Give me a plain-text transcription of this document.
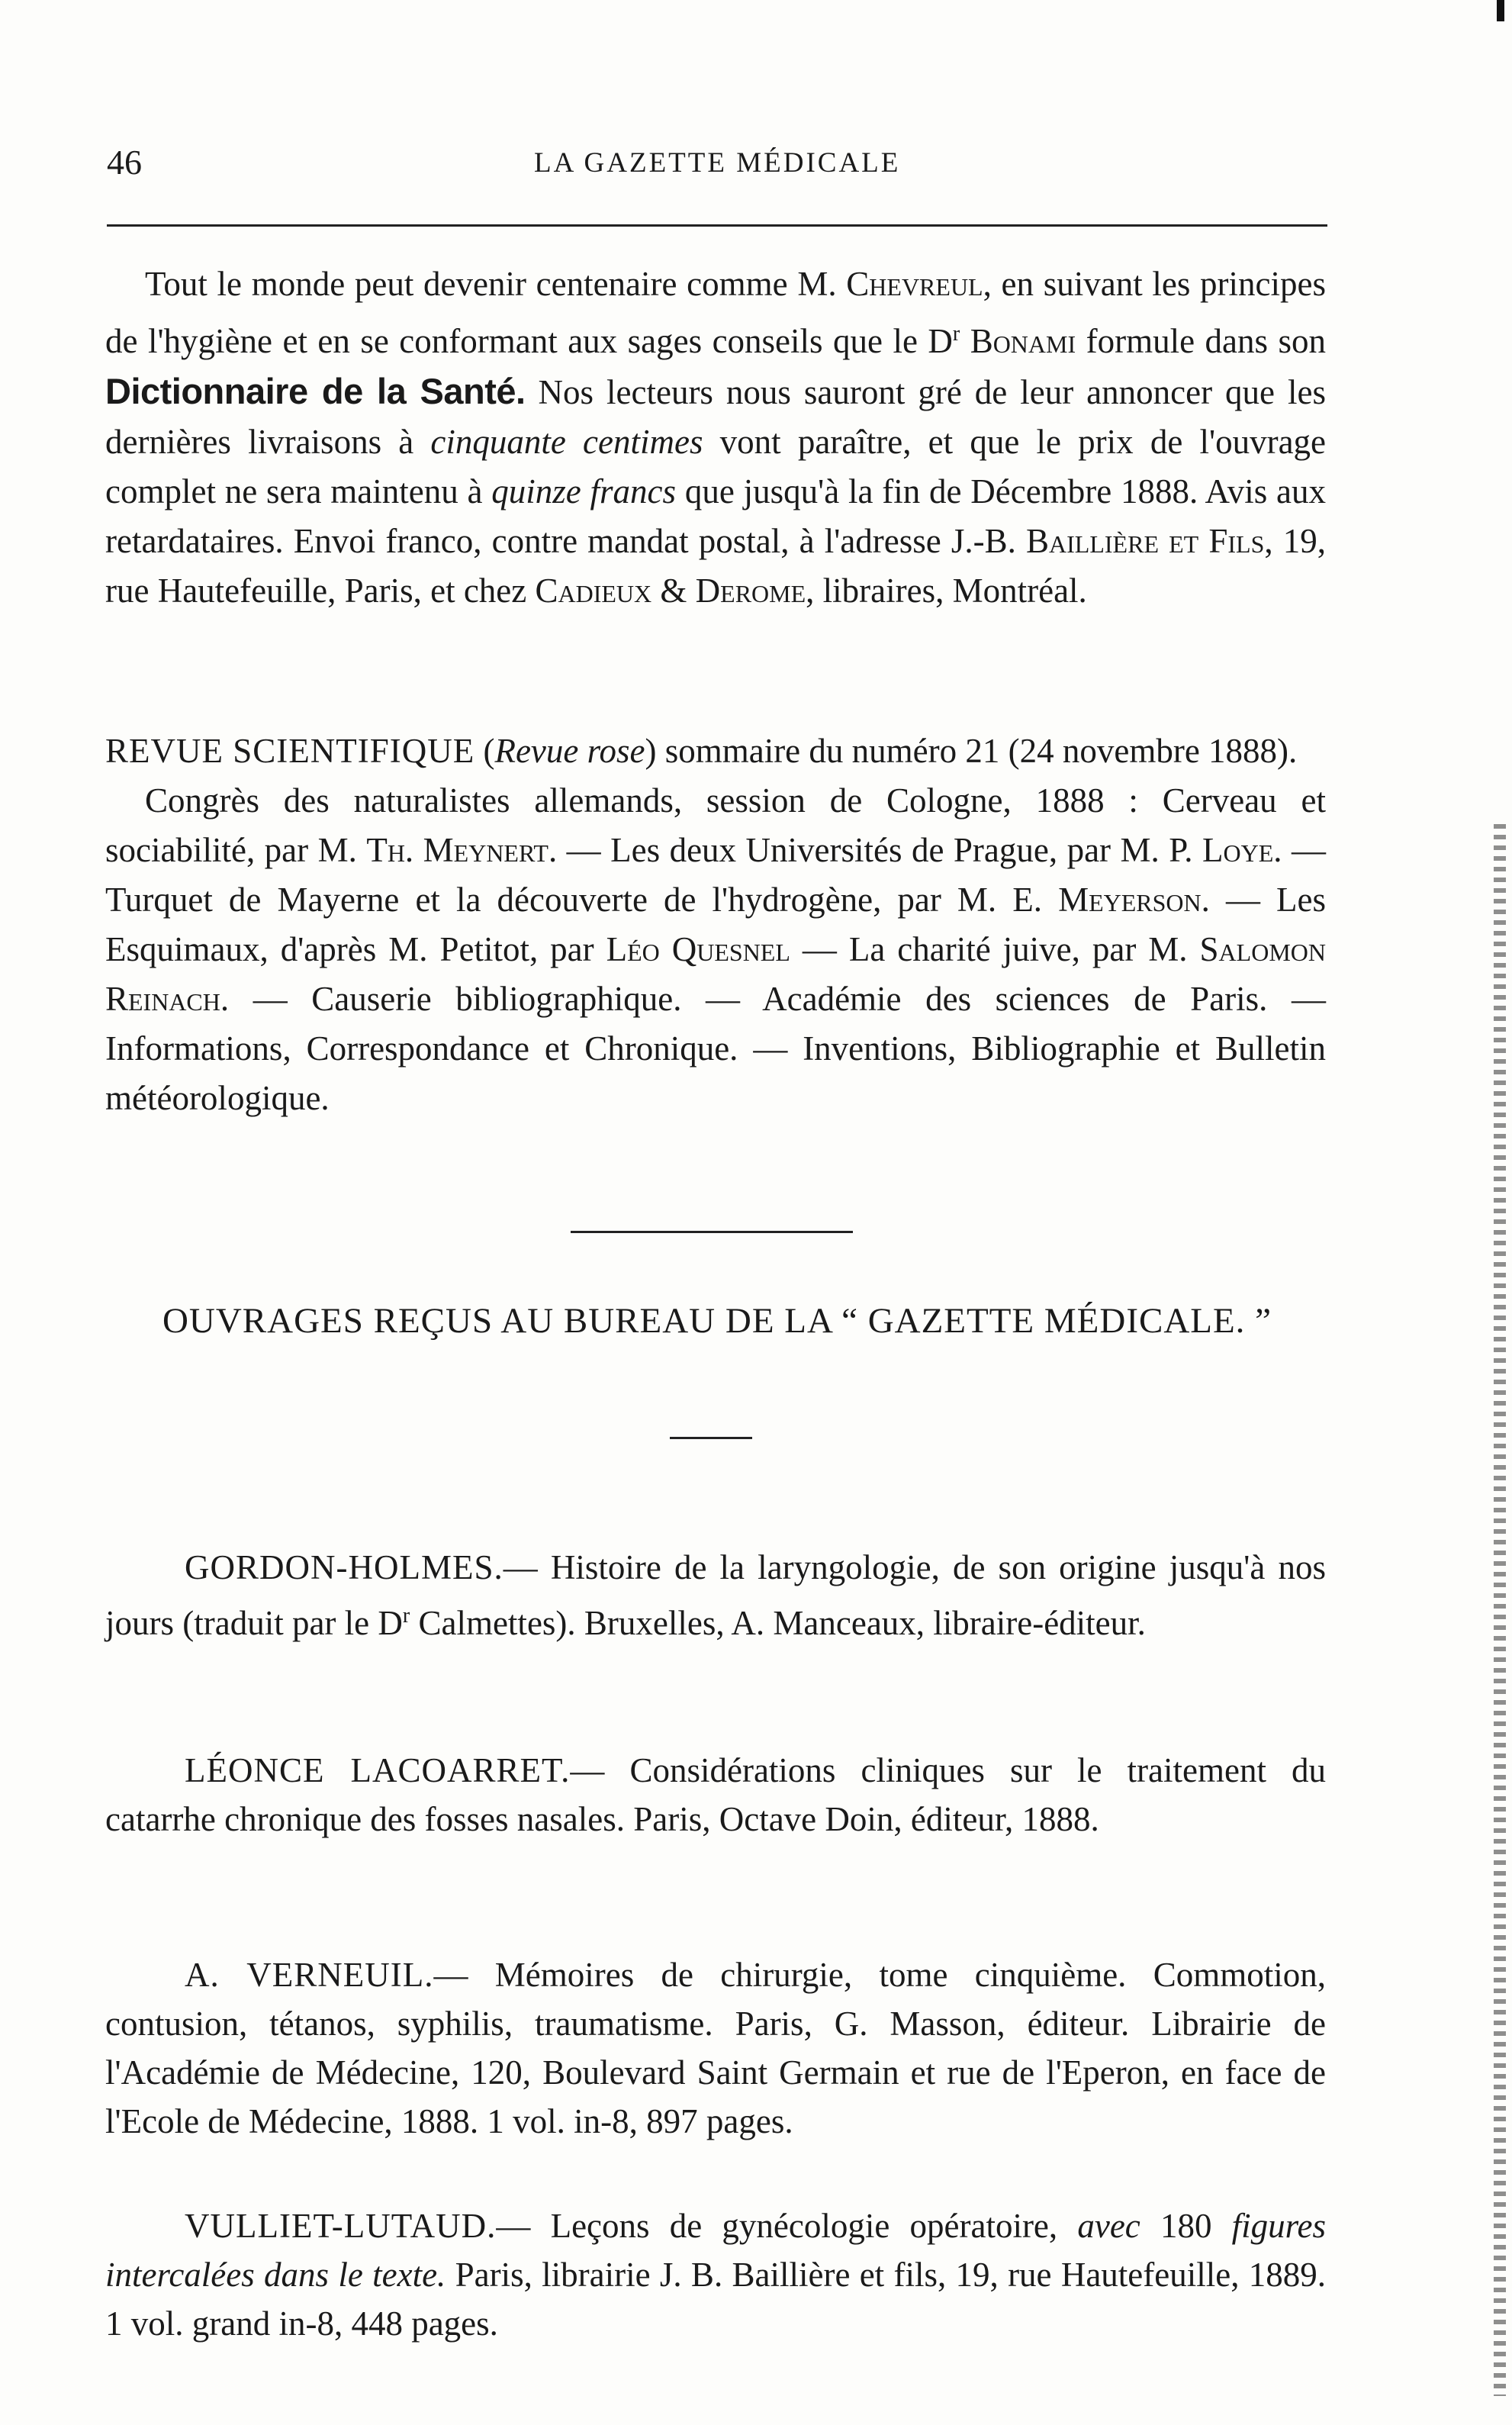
46	LA GAZETTE MÉDICALE

Tout le monde peut devenir centenaire comme M. Chevreul, en suivant les principes de l'hygiène et en se conformant aux sages conseils que le $D^r$ Bonami formule dans son Dictionnaire de la Santé. Nos lecteurs nous sauront gré de leur annoncer que les dernières livraisons à cinquante centimes vont paraître, et que le prix de l'ouvrage complet ne sera maintenu à quinze francs que jusqu'à la fin de Décembre 1888. Avis aux retardataires. Envoi franco, contre mandat postal, à l'adresse J.-B. Baillière et Fils, 19, rue Hautefeuille, Paris, et chez Cadieux & Derome, libraires, Montréal.

REVUE SCIENTIFIQUE (Revue rose) sommaire du numéro 21 (24 novembre 1888).

Congrès des naturalistes allemands, session de Cologne, 1888 : Cerveau et sociabilité, par M. Th. Meynert. — Les deux Universités de Prague, par M. P. Loye. — Turquet de Mayerne et la découverte de l'hydrogène, par M. E. Meyerson. — Les Esquimaux, d'après M. Petitot, par Léo Quesnel — La charité juive, par M. Salomon Reinach. — Causerie bibliographique. — Académie des sciences de Paris. — Informations, Correspondance et Chronique. — Inventions, Bibliographie et Bulletin météorologique.

OUVRAGES REÇUS AU BUREAU DE LA “ GAZETTE MÉDICALE. ”

GORDON-HOLMES.— Histoire de la laryngologie, de son origine jusqu'à nos jours (traduit par le $D^r$ Calmettes). Bruxelles, A. Manceaux, libraire-éditeur.

LÉONCE LACOARRET.— Considérations cliniques sur le traitement du catarrhe chronique des fosses nasales. Paris, Octave Doin, éditeur, 1888.

A. VERNEUIL.— Mémoires de chirurgie, tome cinquième. Commotion, contusion, tétanos, syphilis, traumatisme. Paris, G. Masson, éditeur. Librairie de l'Académie de Médecine, 120, Boulevard Saint Germain et rue de l'Eperon, en face de l'Ecole de Médecine, 1888. 1 vol. in-8, 897 pages.

VULLIET-LUTAUD.— Leçons de gynécologie opératoire, avec 180 figures intercalées dans le texte. Paris, librairie J. B. Baillière et fils, 19, rue Hautefeuille, 1889. 1 vol. grand in-8, 448 pages.
